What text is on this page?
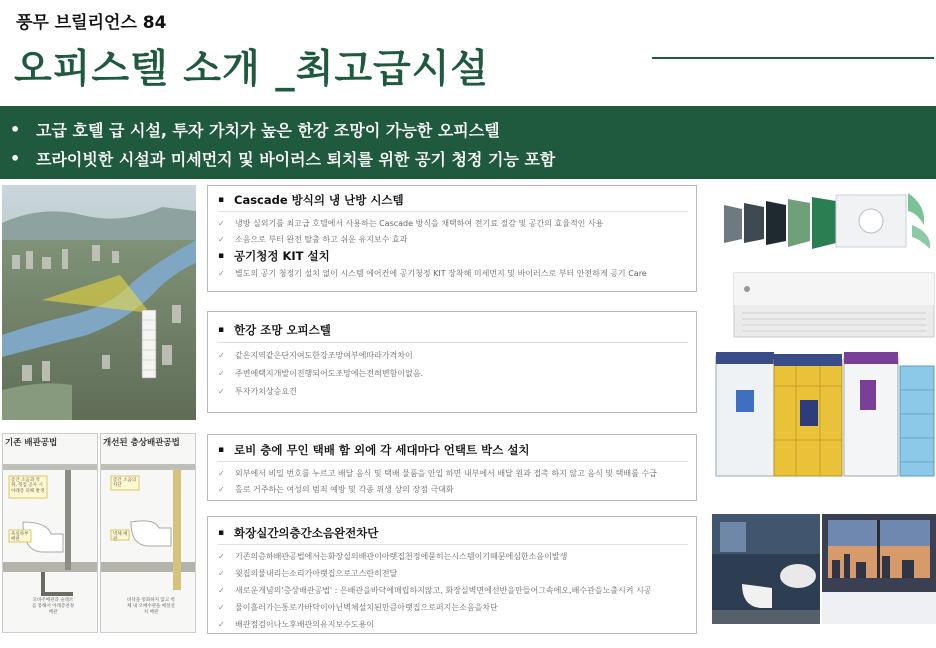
풍무 브릴리언스 84
오피스텔 소개 _최고급시설
• 고급 호텔 급 시설, 투자 가치가 높은 한강 조망이 가능한 오피스텔
• 프라이빗한 시설과 미세먼지 및 바이러스 퇴치를 위한 공기 청정 기능 포함
기존 배관공법
층간 소음과 악취, 윗집 공사 시 아래층 피해 발생
욕실하부 배관
모바주배관과 슬래브를 통해서 아래층천정 배관
개선된 층상배관공법
층간 소음의 차단
벽체 배관
바닥을 통화하지 않고 벽체 내 오배수관을 배설설치 배관
▪ Cascade 방식의 냉 난방 시스템
✓	냉방 실외기를 최고급 호텔에서 사용하는 Cascade 방식을 채택하여 전기료 절감 및 공간의 효율적인 사용
✓	소음으로 부터 완전 탈출 하고 쉬운 유지보수 효과
▪ 공기청정 KIT 설치
✓	별도의 공기 청정기 설치 없이 시스템 에어컨에 공기청정 KIT 장착해 미세먼지 및 바이러스로 부터 안전하게 공기 Care
▪ 한강 조망 오피스텔
✓	같은지역같은단지여도한강조망여부에따라가격차이
✓	주변에택지개발이진행되어도조망에는전혀변함이없음.
✓	투자가치상승요건
▪ 로비 층에 무인 택배 함 외에 각 세대마다 언택트 박스 설치
✓	외부에서 비밀 번호를 누르고 배달 음식 및 택배 물품을 안입 하면 내부에서 배달 원과 접촉 하지 않고 음식 및 택배를 수급
✓	홀로 거주하는 여성의 범죄 예방 및 각종 위생 상의 장점 극대화
▪ 화장실간의층간소음완전차단
✓	기존의층하배관공법에서는화장실의배관이아랫집천정에묻히는시스템이기때문에심한소음이발생
✓	윗집의물내리는소리가아랫집으로고스란히전달
✓	새로운개념의'층상배관공법' : 은배관을바닥에매립하지않고, 화장실벽면에선반을만들어그속에오,배수관을노출시켜 시공
✓	물이흘러가는통로가바닥이아닌벽체설치된만큼아랫집으로퍼지는소음을차단
✓	배관점검이나노후배관의유지보수도용이
